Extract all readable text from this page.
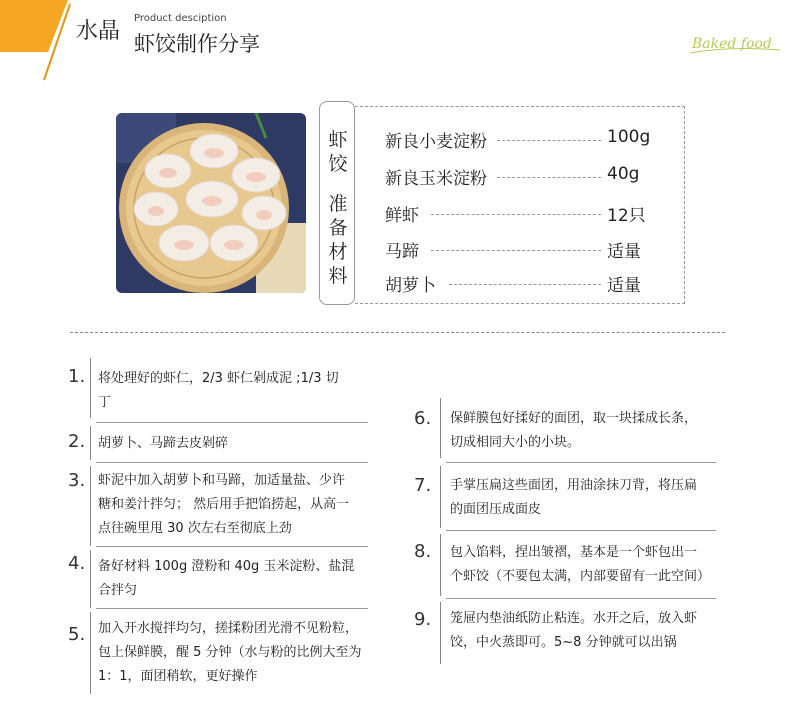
水晶
Product desciption
虾饺制作分享	Baked food
虾
饺
准
备
材
料
新良小麦淀粉	100g
新良玉米淀粉	40g
鲜虾	12只
马蹄	适量
胡萝卜	适量
1. 将处理好的虾仁，2/3 虾仁剁成泥 ;1/3 切
丁
2. 胡萝卜、马蹄去皮剁碎
3. 虾泥中加入胡萝卜和马蹄，加适量盐、少许
糖和姜汁拌匀； 然后用手把馅捞起，从高一
点往碗里甩 30 次左右至彻底上劲
4. 备好材料 100g 澄粉和 40g 玉米淀粉、盐混
合拌匀
5. 加入开水搅拌均匀，搓揉粉团光滑不见粉粒，
包上保鲜膜，醒 5 分钟（水与粉的比例大至为
1：1，面团稍软，更好操作
6. 保鲜膜包好揉好的面团，取一块揉成长条，
切成相同大小的小块。
7. 手掌压扁这些面团，用油涂抹刀背，将压扁
的面团压成面皮
8. 包入馅料，捏出皱褶，基本是一个虾包出一
个虾饺（不要包太满，内部要留有一此空间）
9. 笼屉内垫油纸防止粘连。水开之后，放入虾
饺，中火蒸即可。5~8 分钟就可以出锅
